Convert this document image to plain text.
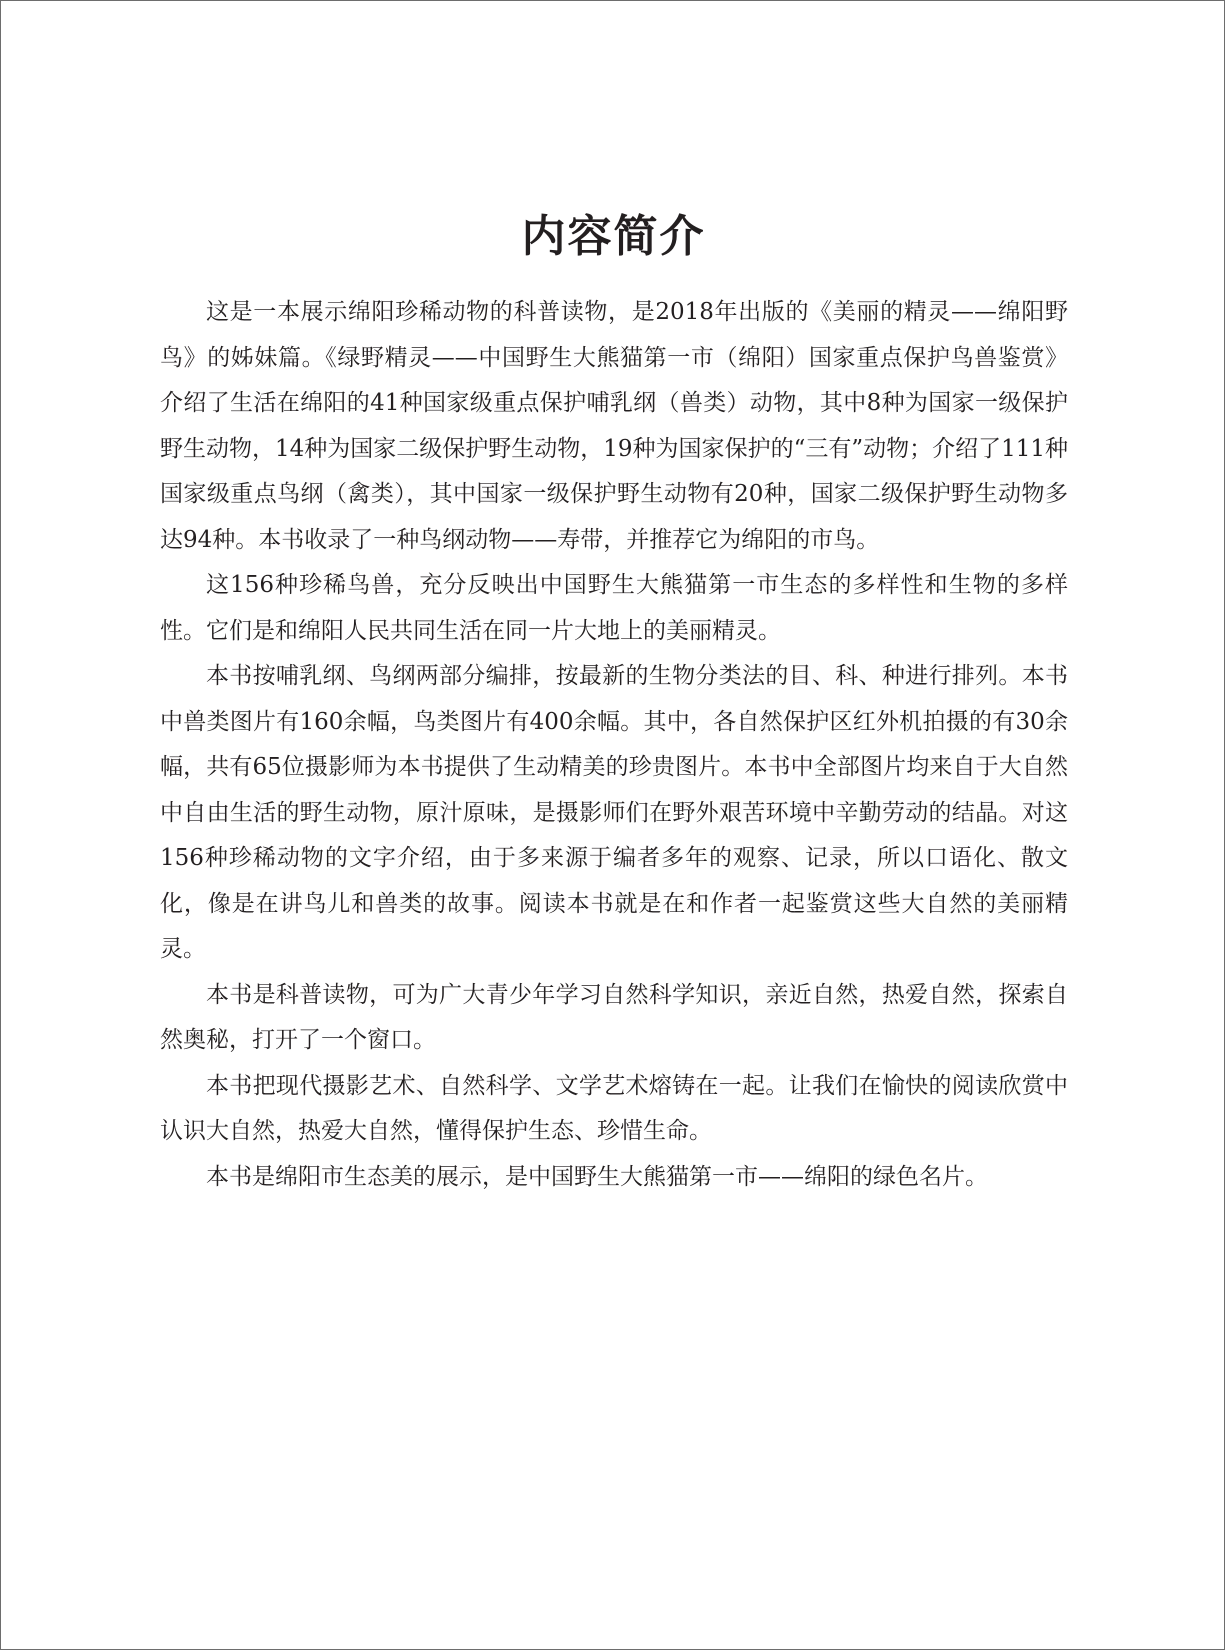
内容简介

这是一本展示绵阳珍稀动物的科普读物，是2018年出版的《美丽的精灵——绵阳野鸟》的姊妹篇。《绿野精灵——中国野生大熊猫第一市（绵阳）国家重点保护鸟兽鉴赏》介绍了生活在绵阳的41种国家级重点保护哺乳纲（兽类）动物，其中8种为国家一级保护野生动物，14种为国家二级保护野生动物，19种为国家保护的“三有”动物；介绍了111种国家级重点鸟纲（禽类），其中国家一级保护野生动物有20种，国家二级保护野生动物多达94种。本书收录了一种鸟纲动物——寿带，并推荐它为绵阳的市鸟。

这156种珍稀鸟兽，充分反映出中国野生大熊猫第一市生态的多样性和生物的多样性。它们是和绵阳人民共同生活在同一片大地上的美丽精灵。

本书按哺乳纲、鸟纲两部分编排，按最新的生物分类法的目、科、种进行排列。本书中兽类图片有160余幅，鸟类图片有400余幅。其中，各自然保护区红外机拍摄的有30余幅，共有65位摄影师为本书提供了生动精美的珍贵图片。本书中全部图片均来自于大自然中自由生活的野生动物，原汁原味，是摄影师们在野外艰苦环境中辛勤劳动的结晶。对这156种珍稀动物的文字介绍，由于多来源于编者多年的观察、记录，所以口语化、散文化，像是在讲鸟儿和兽类的故事。阅读本书就是在和作者一起鉴赏这些大自然的美丽精灵。

本书是科普读物，可为广大青少年学习自然科学知识，亲近自然，热爱自然，探索自然奥秘，打开了一个窗口。

本书把现代摄影艺术、自然科学、文学艺术熔铸在一起。让我们在愉快的阅读欣赏中认识大自然，热爱大自然，懂得保护生态、珍惜生命。

本书是绵阳市生态美的展示，是中国野生大熊猫第一市——绵阳的绿色名片。
